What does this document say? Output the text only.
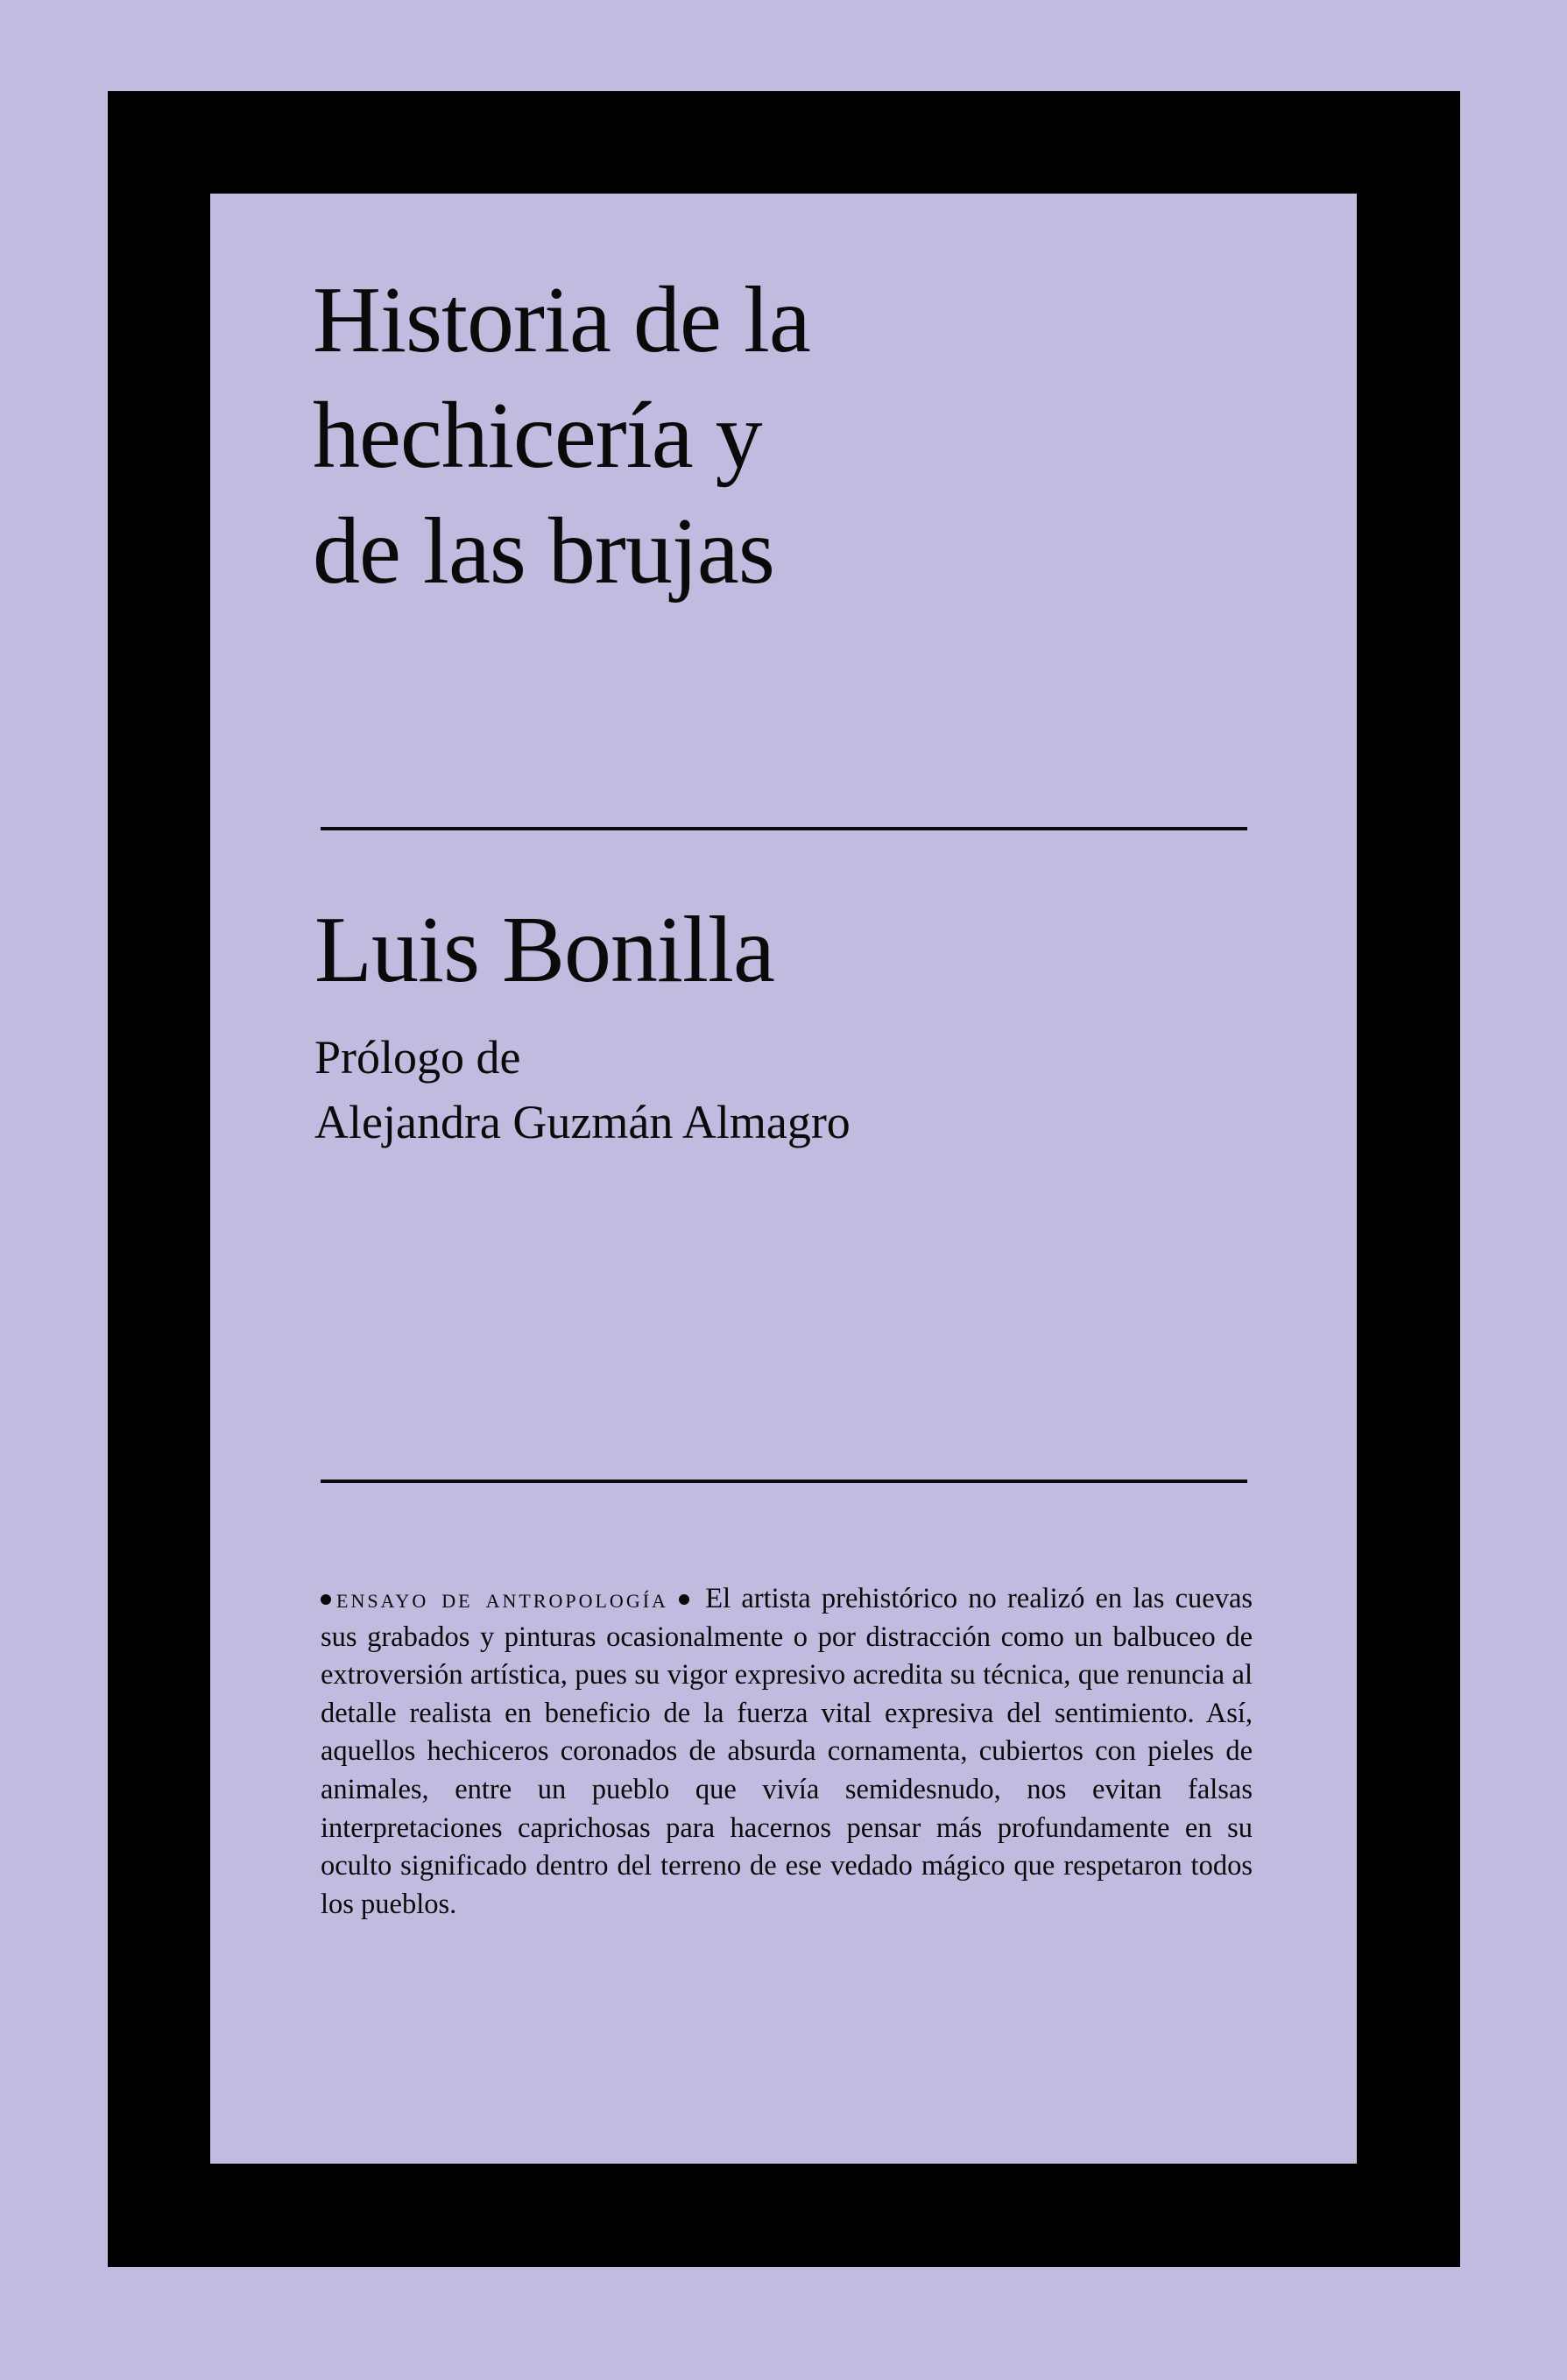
Historia de la
hechicería y
de las brujas
Luis Bonilla
Prólogo de
Alejandra Guzmán Almagro

ensayo de antropología El artista prehistórico no realizó en las cuevas sus grabados y pinturas ocasionalmente o por distracción como un balbuceo de extroversión artística, pues su vigor expresivo acredita su técnica, que renuncia al detalle realista en beneficio de la fuerza vital expresiva del sentimiento. Así, aquellos hechiceros coronados de absurda cornamenta, cubiertos con pieles de animales, entre un pueblo que vivía semidesnudo, nos evitan falsas interpretaciones caprichosas para hacernos pensar más profundamente en su oculto significado dentro del terreno de ese vedado mágico que respetaron todos los pueblos.
